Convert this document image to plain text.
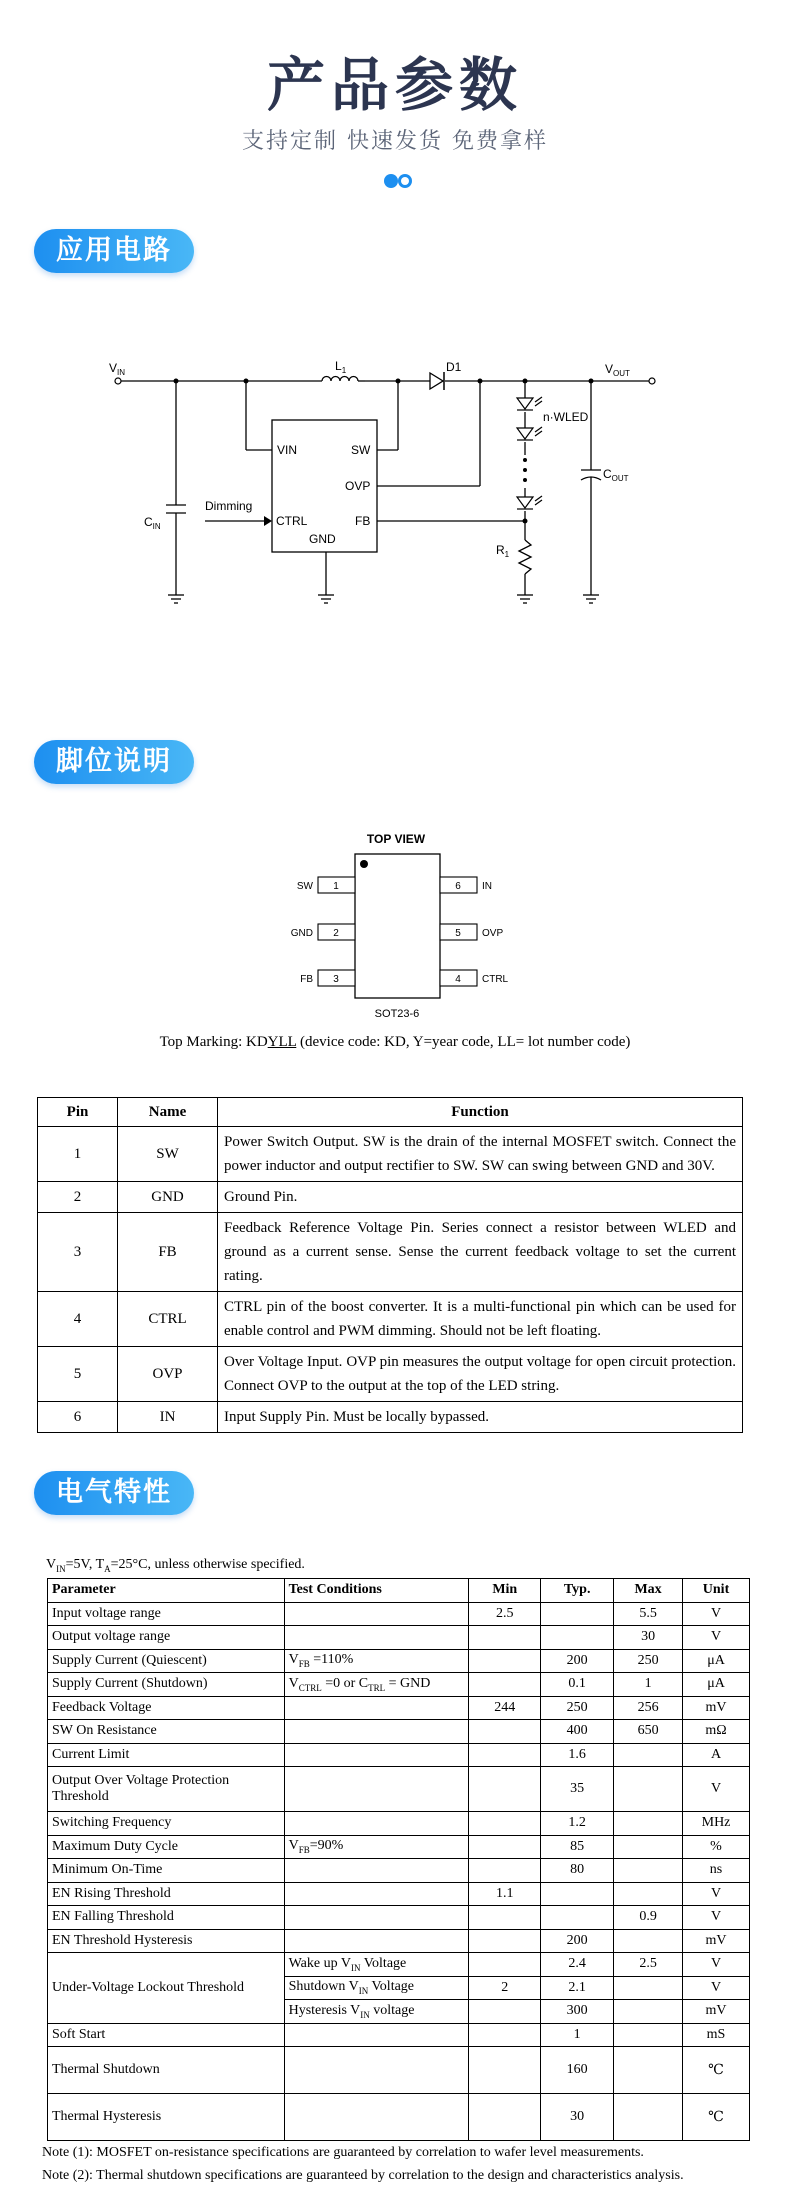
产品参数
支持定制 快速发货 免费拿样
应用电路
$V_{IN}$	$L_1$	D1	$V_{OUT}$
$C_{IN}$
$C_{OUT}$
$R_1$
n·WLED
Dimming
VIN	SW
OVP
CTRL	FB
GND
脚位说明
TOP VIEW
1
2
3
6
5
4
SW
GND
FB
IN
OVP
CTRL
SOT23-6
Top Marking: KDYLL (device code: KD, Y=year code, LL= lot number code)
Pin	Name	Function
1	SW	Power Switch Output. SW is the drain of the internal MOSFET switch. Connect the power inductor and output rectifier to SW. SW can swing between GND and 30V.
2	GND	Ground Pin.
3	FB	Feedback Reference Voltage Pin. Series connect a resistor between WLED and ground as a current sense. Sense the current feedback voltage to set the current rating.
4	CTRL	CTRL pin of the boost converter. It is a multi-functional pin which can be used for enable control and PWM dimming. Should not be left floating.
5	OVP	Over Voltage Input. OVP pin measures the output voltage for open circuit protection. Connect OVP to the output at the top of the LED string.
6	IN	Input Supply Pin. Must be locally bypassed.
电气特性
$V_{IN}=5V$, $T_A=25^\circ C$, unless otherwise specified.
Parameter	Test Conditions	Min	Typ.	Max	Unit
Input voltage range		2.5		5.5	V
Output voltage range				30	V
Supply Current (Quiescent)	$V_{FB} =110\%$		200	250	μA
Supply Current (Shutdown)	$V_{CTRL} =0$ or $C_{TRL}$ = GND		0.1	1	μA
Feedback Voltage		244	250	256	mV
SW On Resistance			400	650	mΩ
Current Limit			1.6		A
Output Over Voltage Protection Threshold			35		V
Switching Frequency			1.2		MHz
Maximum Duty Cycle	$V_{FB}=90\%$		85		%
Minimum On-Time			80		ns
EN Rising Threshold		1.1			V
EN Falling Threshold				0.9	V
EN Threshold Hysteresis			200		mV
Under-Voltage Lockout Threshold	Wake up $V_{IN}$ Voltage		2.4	2.5	V
	Shutdown $V_{IN}$ Voltage	2	2.1		V
	Hysteresis $V_{IN}$ voltage		300		mV
Soft Start			1		mS
Thermal Shutdown			160		℃
Thermal Hysteresis			30		℃
Note (1): MOSFET on-resistance specifications are guaranteed by correlation to wafer level measurements.
Note (2): Thermal shutdown specifications are guaranteed by correlation to the design and characteristics analysis.
